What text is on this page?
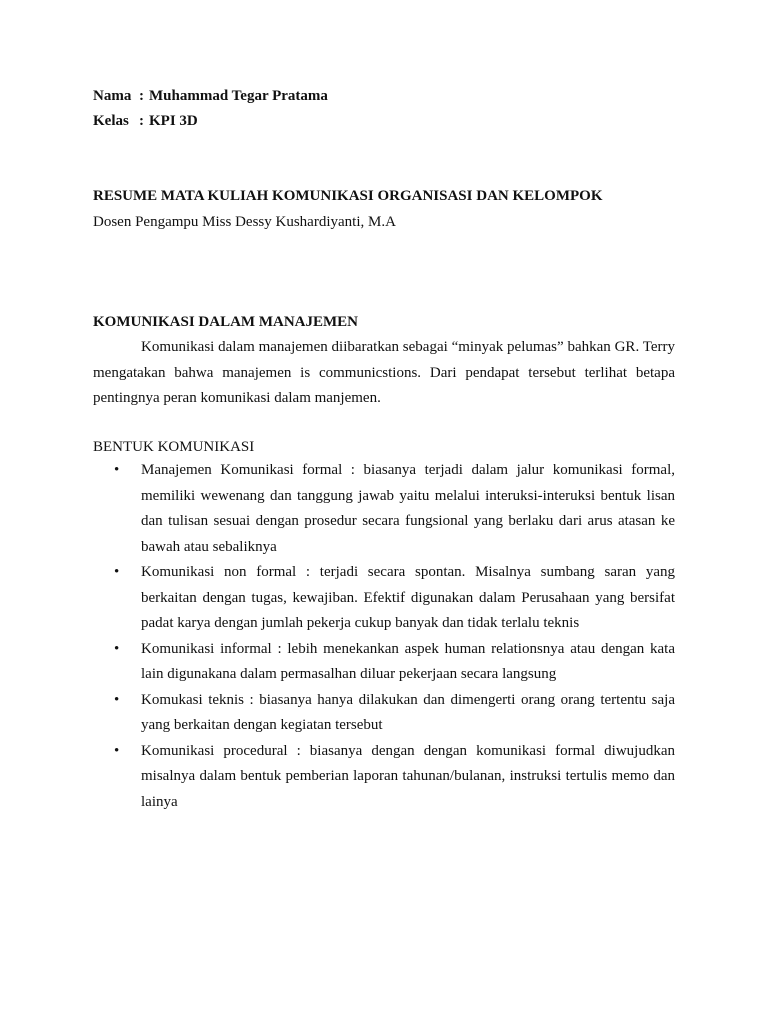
Nama : Muhammad Tegar Pratama
Kelas : KPI 3D
RESUME MATA KULIAH KOMUNIKASI ORGANISASI DAN KELOMPOK
Dosen Pengampu Miss Dessy Kushardiyanti, M.A
KOMUNIKASI DALAM MANAJEMEN

Komunikasi dalam manajemen diibaratkan sebagai “minyak pelumas” bahkan GR. Terry mengatakan bahwa manajemen is communicstions. Dari pendapat tersebut terlihat betapa pentingnya peran komunikasi dalam manjemen.

BENTUK KOMUNIKASI
• Manajemen Komunikasi formal : biasanya terjadi dalam jalur komunikasi formal, memiliki wewenang dan tanggung jawab yaitu melalui interuksi-interuksi bentuk lisan dan tulisan sesuai dengan prosedur secara fungsional yang berlaku dari arus atasan ke bawah atau sebaliknya
• Komunikasi non formal : terjadi secara spontan. Misalnya sumbang saran yang berkaitan dengan tugas, kewajiban. Efektif digunakan dalam Perusahaan yang bersifat padat karya dengan jumlah pekerja cukup banyak dan tidak terlalu teknis
• Komunikasi informal : lebih menekankan aspek human relationsnya atau dengan kata lain digunakana dalam permasalhan diluar pekerjaan secara langsung
• Komukasi teknis : biasanya hanya dilakukan dan dimengerti orang orang tertentu saja yang berkaitan dengan kegiatan tersebut
• Komunikasi procedural : biasanya dengan dengan komunikasi formal diwujudkan misalnya dalam bentuk pemberian laporan tahunan/bulanan, instruksi tertulis memo dan lainya
